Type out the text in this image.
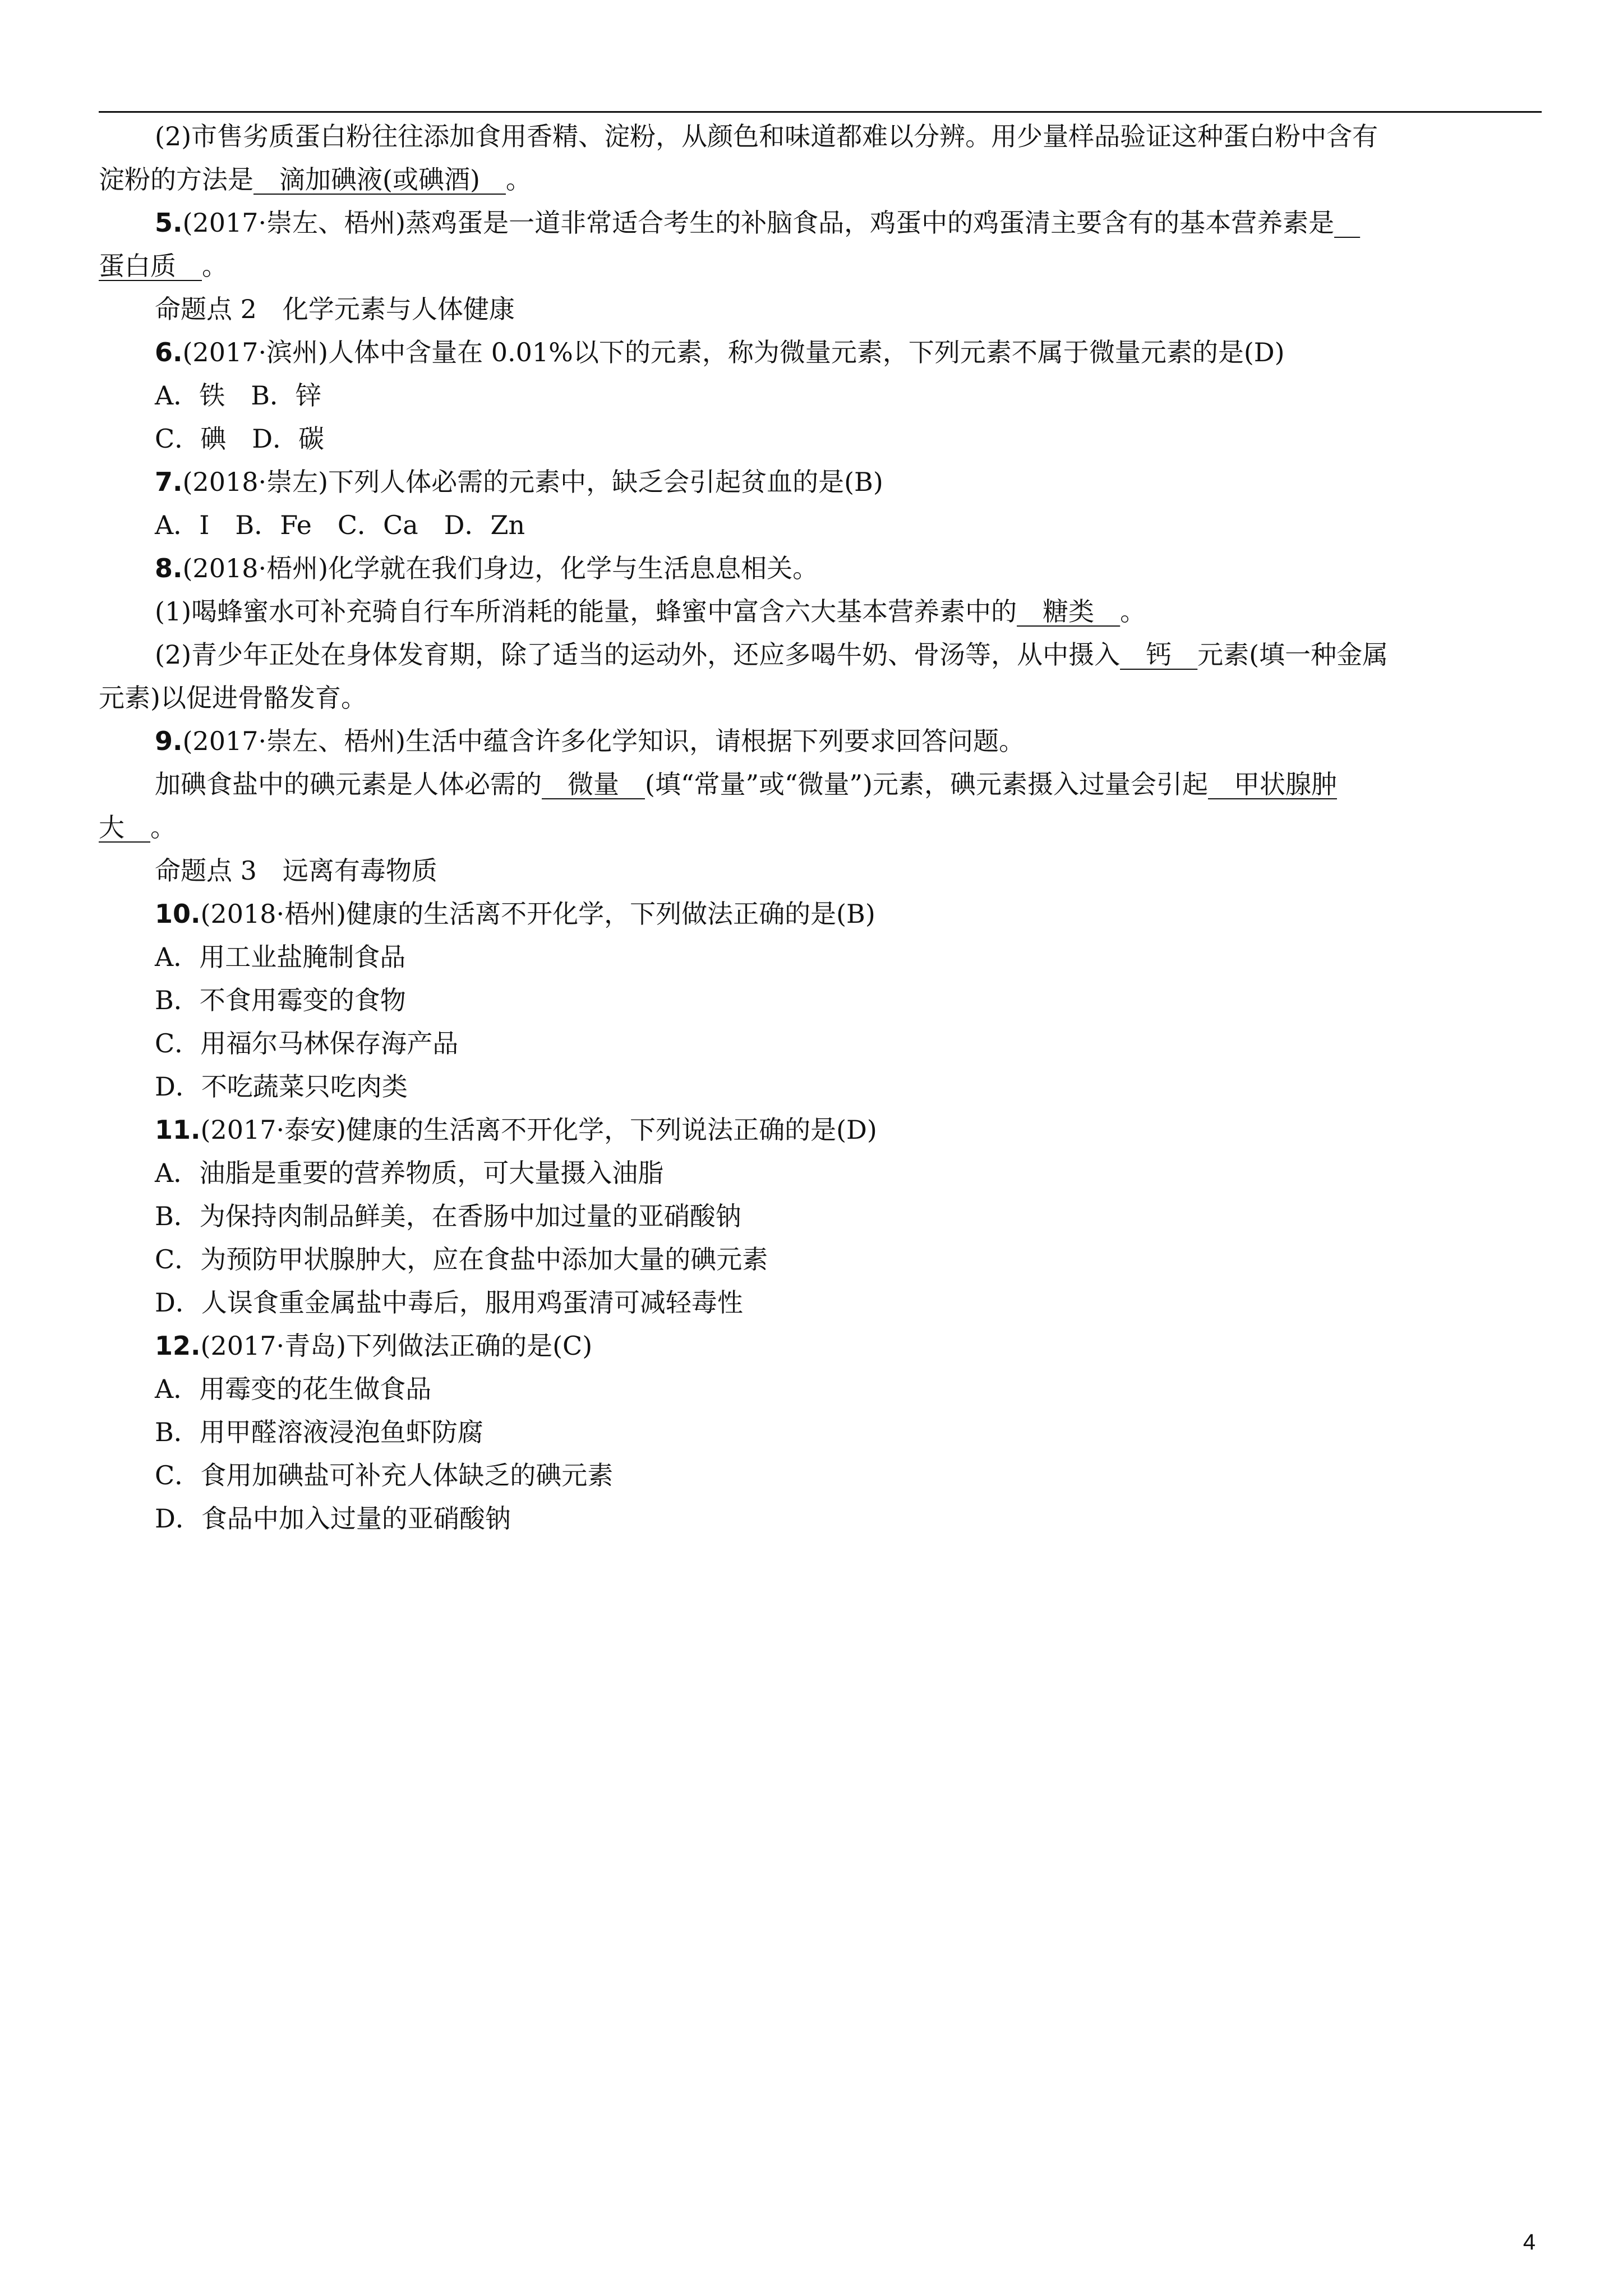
(2)市售劣质蛋白粉往往添加食用香精、淀粉，从颜色和味道都难以分辨。用少量样品验证这种蛋白粉中含有
淀粉的方法是__滴加碘液(或碘酒)__。
5.(2017·崇左、梧州)蒸鸡蛋是一道非常适合考生的补脑食品，鸡蛋中的鸡蛋清主要含有的基本营养素是__
蛋白质__。
命题点 2　化学元素与人体健康
6.(2017·滨州)人体中含量在 0.01%以下的元素，称为微量元素，下列元素不属于微量元素的是(D)
A．铁　B．锌
C．碘　D．碳
7.(2018·崇左)下列人体必需的元素中，缺乏会引起贫血的是(B)
A．I　B．Fe　C．Ca　D．Zn
8.(2018·梧州)化学就在我们身边，化学与生活息息相关。
(1)喝蜂蜜水可补充骑自行车所消耗的能量，蜂蜜中富含六大基本营养素中的__糖类__。
(2)青少年正处在身体发育期，除了适当的运动外，还应多喝牛奶、骨汤等，从中摄入__钙__元素(填一种金属
元素)以促进骨骼发育。
9.(2017·崇左、梧州)生活中蕴含许多化学知识，请根据下列要求回答问题。
加碘食盐中的碘元素是人体必需的__微量__(填“常量”或“微量”)元素，碘元素摄入过量会引起__甲状腺肿
大__。
命题点 3　远离有毒物质
10.(2018·梧州)健康的生活离不开化学，下列做法正确的是(B)
A．用工业盐腌制食品
B．不食用霉变的食物
C．用福尔马林保存海产品
D．不吃蔬菜只吃肉类
11.(2017·泰安)健康的生活离不开化学，下列说法正确的是(D)
A．油脂是重要的营养物质，可大量摄入油脂
B．为保持肉制品鲜美，在香肠中加过量的亚硝酸钠
C．为预防甲状腺肿大，应在食盐中添加大量的碘元素
D．人误食重金属盐中毒后，服用鸡蛋清可减轻毒性
12.(2017·青岛)下列做法正确的是(C)
A．用霉变的花生做食品
B．用甲醛溶液浸泡鱼虾防腐
C．食用加碘盐可补充人体缺乏的碘元素
D．食品中加入过量的亚硝酸钠
4
